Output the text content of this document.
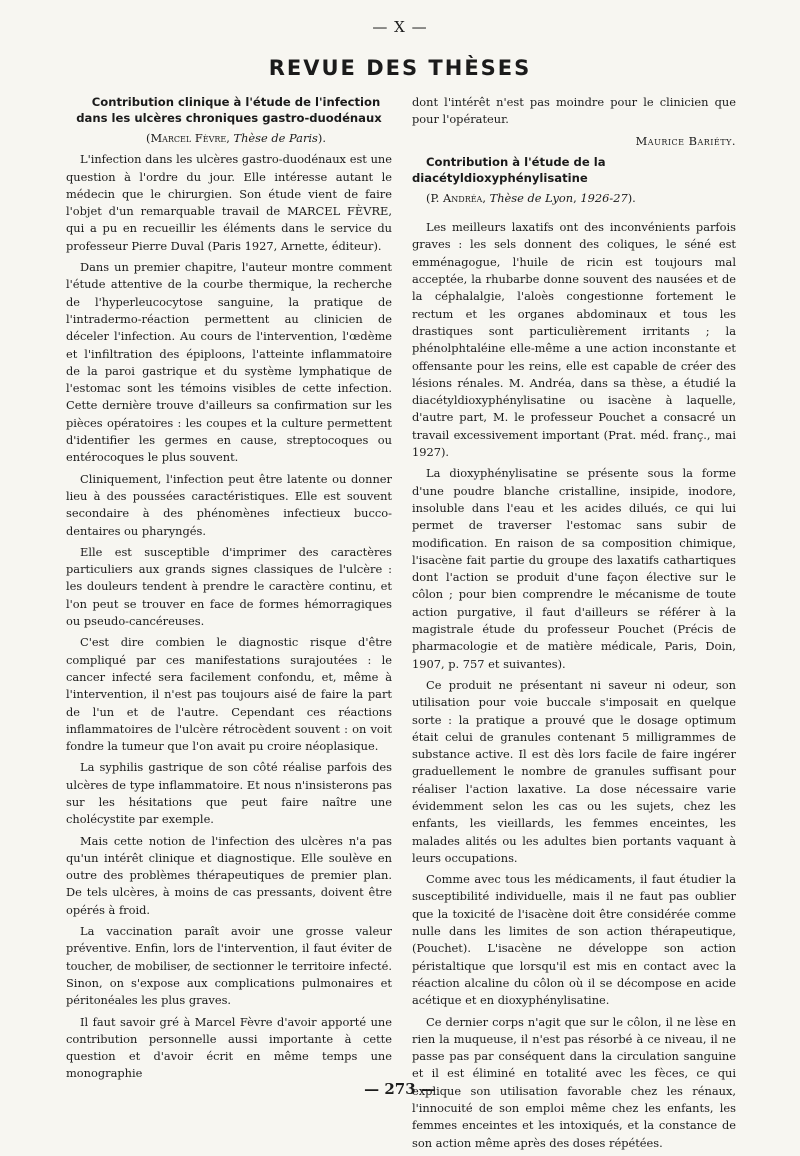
— X —
REVUE DES THÈSES

Contribution clinique à l'étude de l'infection dans les ulcères chroniques gastro-duodénaux

(Marcel Fèvre, Thèse de Paris).

L'infection dans les ulcères gastro-duodénaux est une question à l'ordre du jour. Elle intéresse autant le médecin que le chirurgien. Son étude vient de faire l'objet d'un remarquable travail de MARCEL FÈVRE, qui a pu en recueillir les éléments dans le service du professeur Pierre Duval (Paris 1927, Arnette, éditeur).

Dans un premier chapitre, l'auteur montre comment l'étude attentive de la courbe thermique, la recherche de l'hyperleucocytose sanguine, la pratique de l'intradermo-réaction permettent au clinicien de déceler l'infection. Au cours de l'intervention, l'œdème et l'infiltration des épiploons, l'atteinte inflammatoire de la paroi gastrique et du système lymphatique de l'estomac sont les témoins visibles de cette infection. Cette dernière trouve d'ailleurs sa confirmation sur les pièces opératoires : les coupes et la culture permettent d'identifier les germes en cause, streptocoques ou entérocoques le plus souvent.

Cliniquement, l'infection peut être latente ou donner lieu à des poussées caractéristiques. Elle est souvent secondaire à des phénomènes infectieux bucco-dentaires ou pharyngés.

Elle est susceptible d'imprimer des caractères particuliers aux grands signes classiques de l'ulcère : les douleurs tendent à prendre le caractère continu, et l'on peut se trouver en face de formes hémorragiques ou pseudo-cancéreuses.

C'est dire combien le diagnostic risque d'être compliqué par ces manifestations surajoutées : le cancer infecté sera facilement confondu, et, même à l'intervention, il n'est pas toujours aisé de faire la part de l'un et de l'autre. Cependant ces réactions inflammatoires de l'ulcère rétrocèdent souvent : on voit fondre la tumeur que l'on avait pu croire néoplasique.

La syphilis gastrique de son côté réalise parfois des ulcères de type inflammatoire. Et nous n'insisterons pas sur les hésitations que peut faire naître une cholécystite par exemple.

Mais cette notion de l'infection des ulcères n'a pas qu'un intérêt clinique et diagnostique. Elle soulève en outre des problèmes thérapeutiques de premier plan. De tels ulcères, à moins de cas pressants, doivent être opérés à froid.

La vaccination paraît avoir une grosse valeur préventive. Enfin, lors de l'intervention, il faut éviter de toucher, de mobiliser, de sectionner le territoire infecté. Sinon, on s'expose aux complications pulmonaires et péritonéales les plus graves.

Il faut savoir gré à Marcel Fèvre d'avoir apporté une contribution personnelle aussi importante à cette question et d'avoir écrit en même temps une monographie

dont l'intérêt n'est pas moindre pour le clinicien que pour l'opérateur.

Maurice Bariéty.

Contribution à l'étude de la diacétyldioxyphénylisatine

(P. Andréa, Thèse de Lyon, 1926-27).

Les meilleurs laxatifs ont des inconvénients parfois graves : les sels donnent des coliques, le séné est emménagogue, l'huile de ricin est toujours mal acceptée, la rhubarbe donne souvent des nausées et de la céphalalgie, l'aloès congestionne fortement le rectum et les organes abdominaux et tous les drastiques sont particulièrement irritants ; la phénolphtaléine elle-même a une action inconstante et offensante pour les reins, elle est capable de créer des lésions rénales. M. Andréa, dans sa thèse, a étudié la diacétyldioxyphénylisatine ou isacène à laquelle, d'autre part, M. le professeur Pouchet a consacré un travail excessivement important (Prat. méd. franç., mai 1927).

La dioxyphénylisatine se présente sous la forme d'une poudre blanche cristalline, insipide, inodore, insoluble dans l'eau et les acides dilués, ce qui lui permet de traverser l'estomac sans subir de modification. En raison de sa composition chimique, l'isacène fait partie du groupe des laxatifs cathartiques dont l'action se produit d'une façon élective sur le côlon ; pour bien comprendre le mécanisme de toute action purgative, il faut d'ailleurs se référer à la magistrale étude du professeur Pouchet (Précis de pharmacologie et de matière médicale, Paris, Doin, 1907, p. 757 et suivantes).

Ce produit ne présentant ni saveur ni odeur, son utilisation pour voie buccale s'imposait en quelque sorte : la pratique a prouvé que le dosage optimum était celui de granules contenant 5 milligrammes de substance active. Il est dès lors facile de faire ingérer graduellement le nombre de granules suffisant pour réaliser l'action laxative. La dose nécessaire varie évidemment selon les cas ou les sujets, chez les enfants, les vieillards, les femmes enceintes, les malades alités ou les adultes bien portants vaquant à leurs occupations.

Comme avec tous les médicaments, il faut étudier la susceptibilité individuelle, mais il ne faut pas oublier que la toxicité de l'isacène doit être considérée comme nulle dans les limites de son action thérapeutique, (Pouchet). L'isacène ne développe son action péristaltique que lorsqu'il est mis en contact avec la réaction alcaline du côlon où il se décompose en acide acétique et en dioxyphénylisatine.

Ce dernier corps n'agit que sur le côlon, il ne lèse en rien la muqueuse, il n'est pas résorbé à ce niveau, il ne passe pas par conséquent dans la circulation sanguine et il est éliminé en totalité avec les fèces, ce qui explique son utilisation favorable chez les rénaux, l'innocuité de son emploi même chez les enfants, les femmes enceintes et les intoxiqués, et la constance de son action même après des doses répétées.

— 273 —
